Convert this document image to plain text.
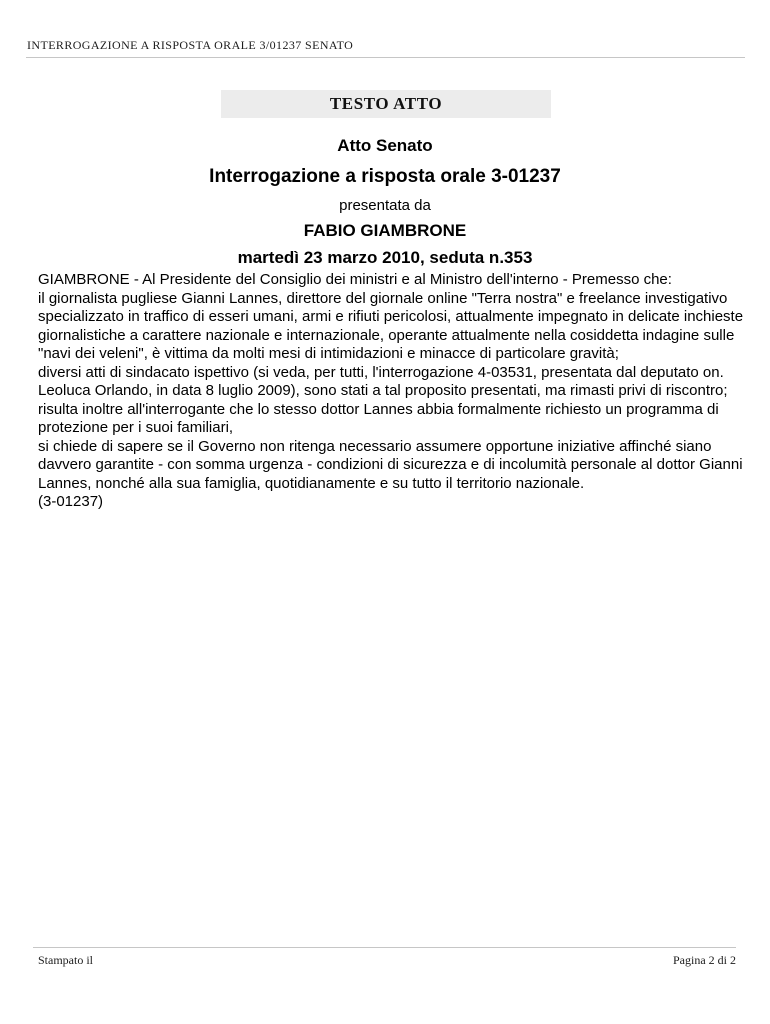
INTERROGAZIONE A RISPOSTA ORALE 3/01237 SENATO
TESTO ATTO
Atto Senato
Interrogazione a risposta orale 3-01237
presentata da
FABIO GIAMBRONE
martedì 23 marzo 2010, seduta n.353

GIAMBRONE - Al Presidente del Consiglio dei ministri e al Ministro dell'interno - Premesso che:

il giornalista pugliese Gianni Lannes, direttore del giornale online "Terra nostra" e freelance investigativo specializzato in traffico di esseri umani, armi e rifiuti pericolosi, attualmente impegnato in delicate inchieste giornalistiche a carattere nazionale e internazionale, operante attualmente nella cosiddetta indagine sulle "navi dei veleni", è vittima da molti mesi di intimidazioni e minacce di particolare gravità;

diversi atti di sindacato ispettivo (si veda, per tutti, l'interrogazione 4-03531, presentata dal deputato on. Leoluca Orlando, in data 8 luglio 2009), sono stati a tal proposito presentati, ma rimasti privi di riscontro;

risulta inoltre all'interrogante che lo stesso dottor Lannes abbia formalmente richiesto un programma di protezione per i suoi familiari,

si chiede di sapere se il Governo non ritenga necessario assumere opportune iniziative affinché siano davvero garantite - con somma urgenza - condizioni di sicurezza e di incolumità personale al dottor Gianni Lannes, nonché alla sua famiglia, quotidianamente e su tutto il territorio nazionale.

(3-01237)

Stampato il	Pagina 2 di 2
